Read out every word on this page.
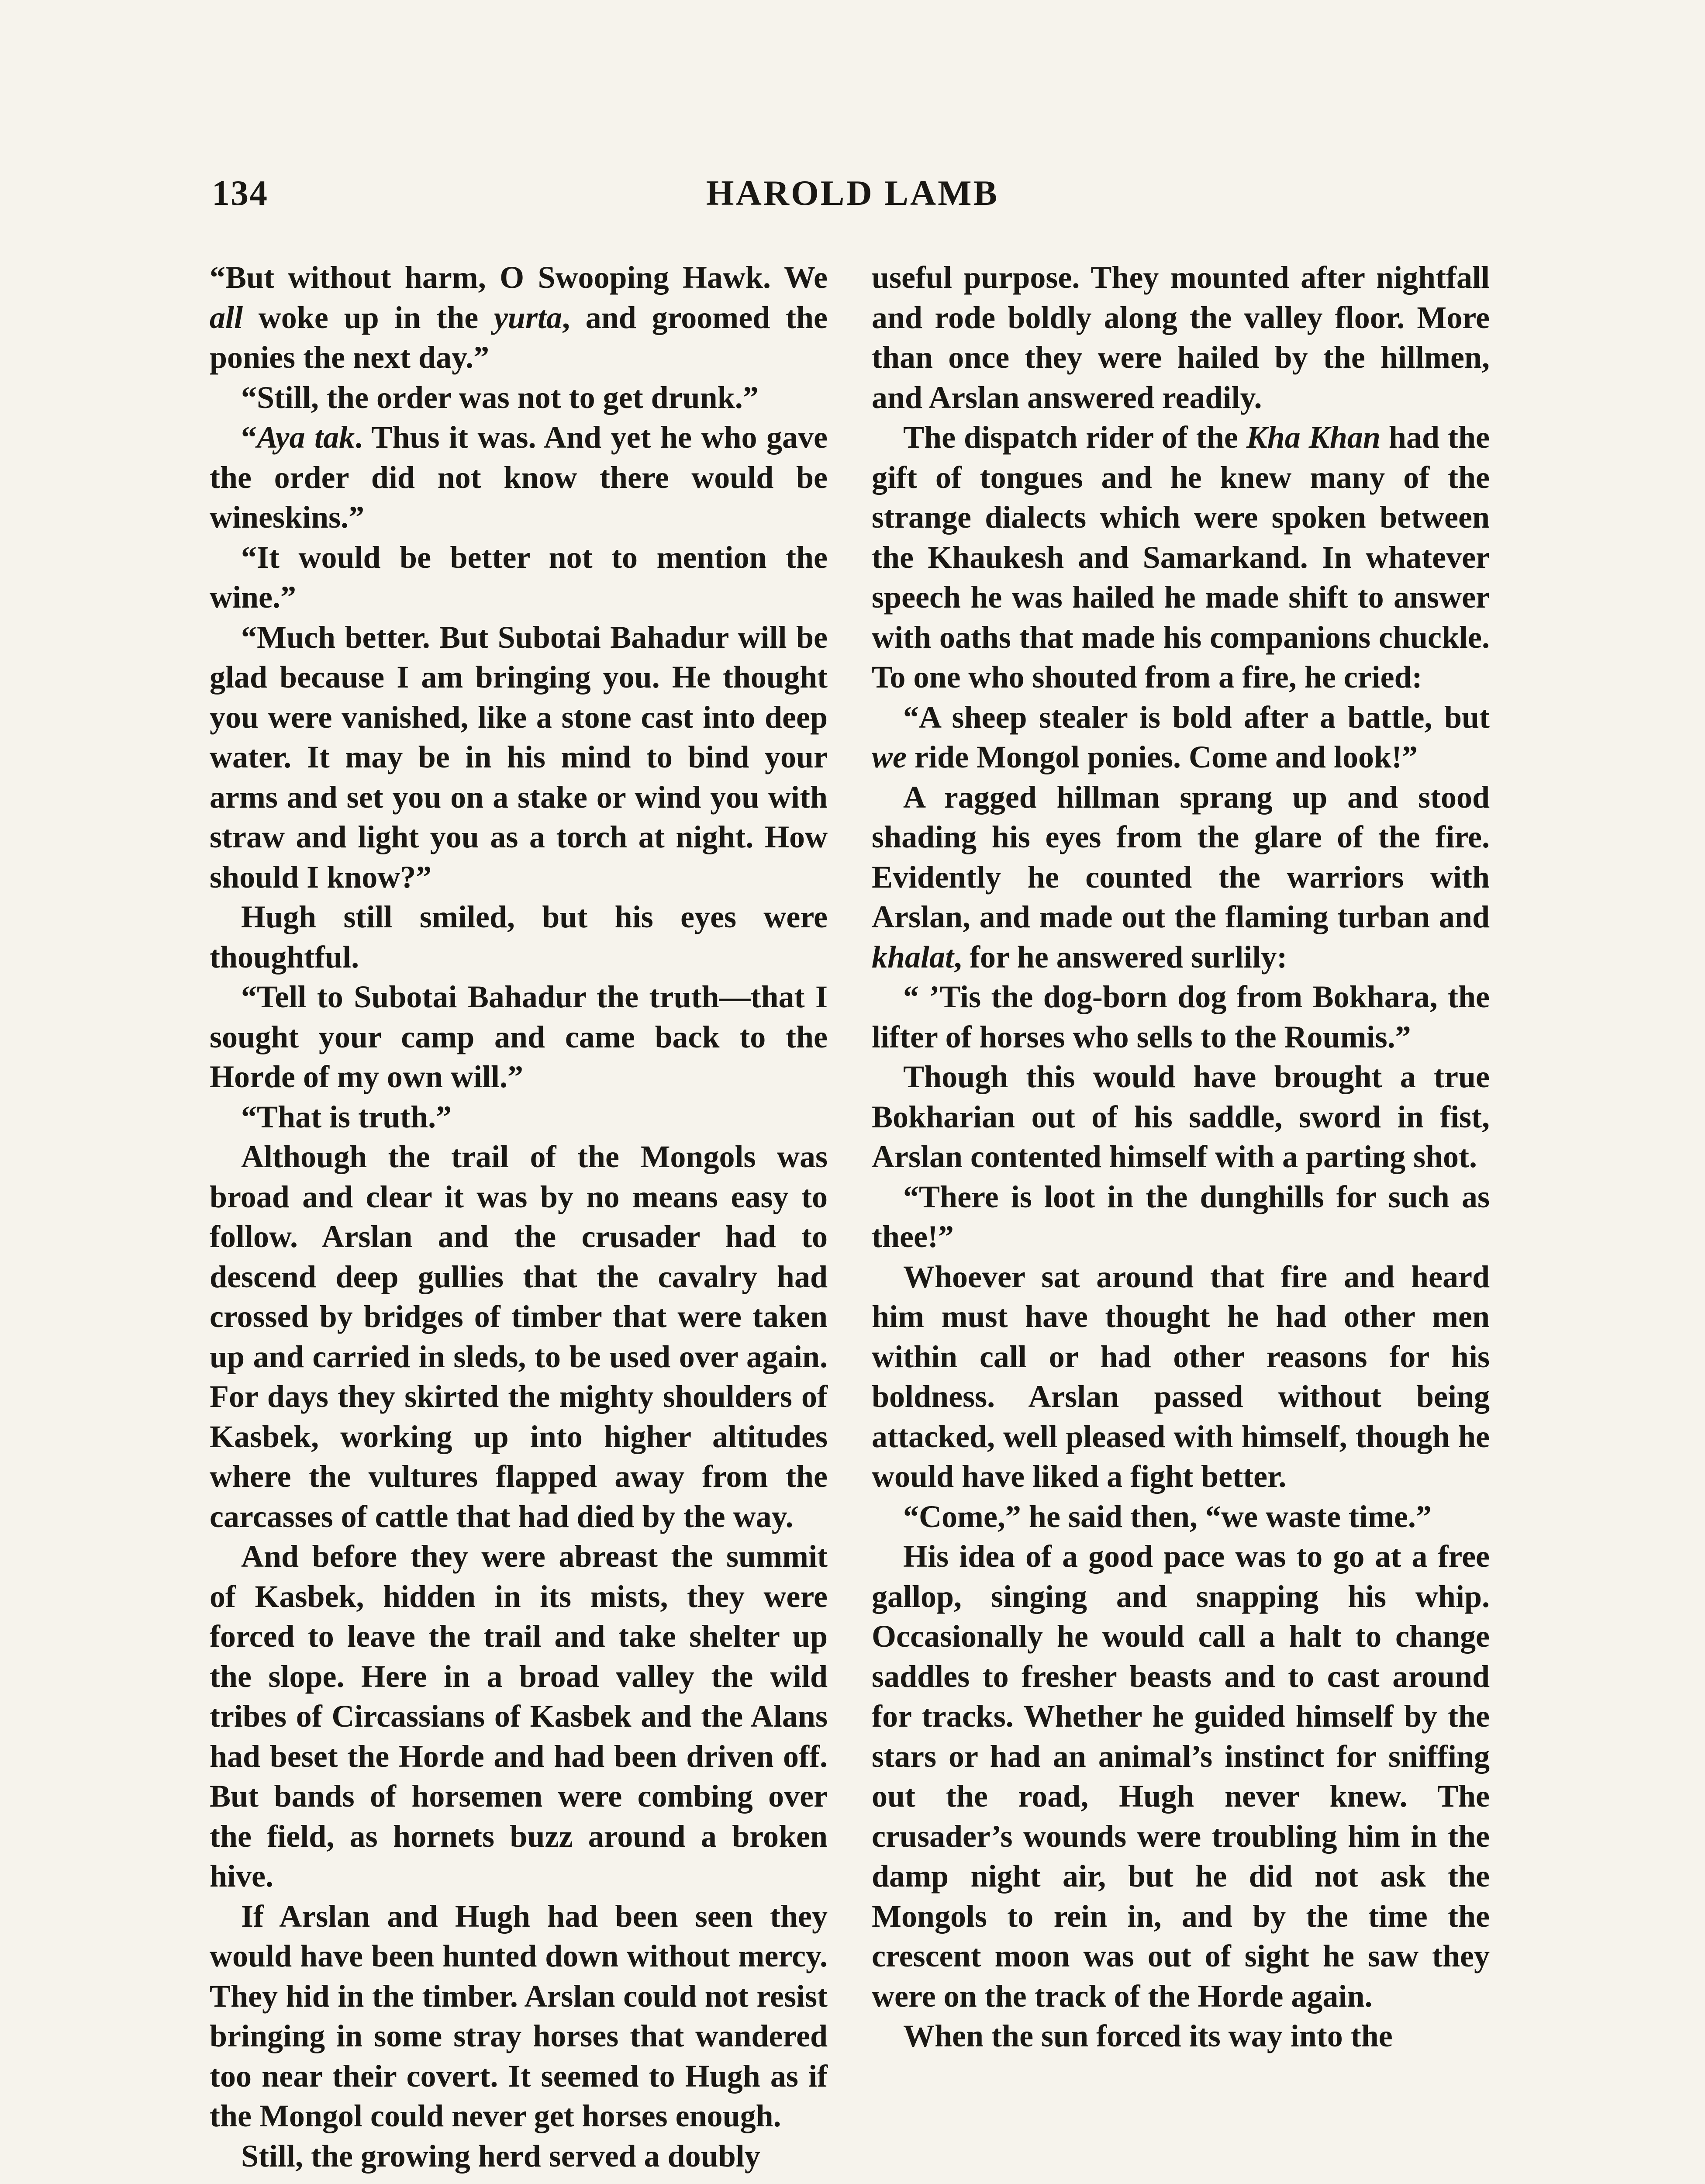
134	HAROLD LAMB

“But without harm, O Swooping Hawk. We all woke up in the yurta, and groomed the ponies the next day.”

“Still, the order was not to get drunk.”

“Aya tak. Thus it was. And yet he who gave the order did not know there would be wineskins.”

“It would be better not to mention the wine.”

“Much better. But Subotai Bahadur will be glad because I am bringing you. He thought you were vanished, like a stone cast into deep water. It may be in his mind to bind your arms and set you on a stake or wind you with straw and light you as a torch at night. How should I know?”

Hugh still smiled, but his eyes were thoughtful.

“Tell to Subotai Bahadur the truth—that I sought your camp and came back to the Horde of my own will.”

“That is truth.”

Although the trail of the Mongols was broad and clear it was by no means easy to follow. Arslan and the crusader had to descend deep gullies that the cavalry had crossed by bridges of timber that were taken up and carried in sleds, to be used over again. For days they skirted the mighty shoulders of Kasbek, working up into higher altitudes where the vultures flapped away from the carcasses of cattle that had died by the way.

And before they were abreast the summit of Kasbek, hidden in its mists, they were forced to leave the trail and take shelter up the slope. Here in a broad valley the wild tribes of Circassians of Kasbek and the Alans had beset the Horde and had been driven off. But bands of horsemen were combing over the field, as hornets buzz around a broken hive.

If Arslan and Hugh had been seen they would have been hunted down without mercy. They hid in the timber. Arslan could not resist bringing in some stray horses that wandered too near their covert. It seemed to Hugh as if the Mongol could never get horses enough.

Still, the growing herd served a doubly

useful purpose. They mounted after nightfall and rode boldly along the valley floor. More than once they were hailed by the hillmen, and Arslan answered readily.

The dispatch rider of the Kha Khan had the gift of tongues and he knew many of the strange dialects which were spoken between the Khaukesh and Samarkand. In whatever speech he was hailed he made shift to answer with oaths that made his companions chuckle. To one who shouted from a fire, he cried:

“A sheep stealer is bold after a battle, but we ride Mongol ponies. Come and look!”

A ragged hillman sprang up and stood shading his eyes from the glare of the fire. Evidently he counted the warriors with Arslan, and made out the flaming turban and khalat, for he answered surlily:

“ ’Tis the dog-born dog from Bokhara, the lifter of horses who sells to the Roumis.”

Though this would have brought a true Bokharian out of his saddle, sword in fist, Arslan contented himself with a parting shot.

“There is loot in the dunghills for such as thee!”

Whoever sat around that fire and heard him must have thought he had other men within call or had other reasons for his boldness. Arslan passed without being attacked, well pleased with himself, though he would have liked a fight better.

“Come,” he said then, “we waste time.”

His idea of a good pace was to go at a free gallop, singing and snapping his whip. Occasionally he would call a halt to change saddles to fresher beasts and to cast around for tracks. Whether he guided himself by the stars or had an animal’s instinct for sniffing out the road, Hugh never knew. The crusader’s wounds were troubling him in the damp night air, but he did not ask the Mongols to rein in, and by the time the crescent moon was out of sight he saw they were on the track of the Horde again.

When the sun forced its way into the
